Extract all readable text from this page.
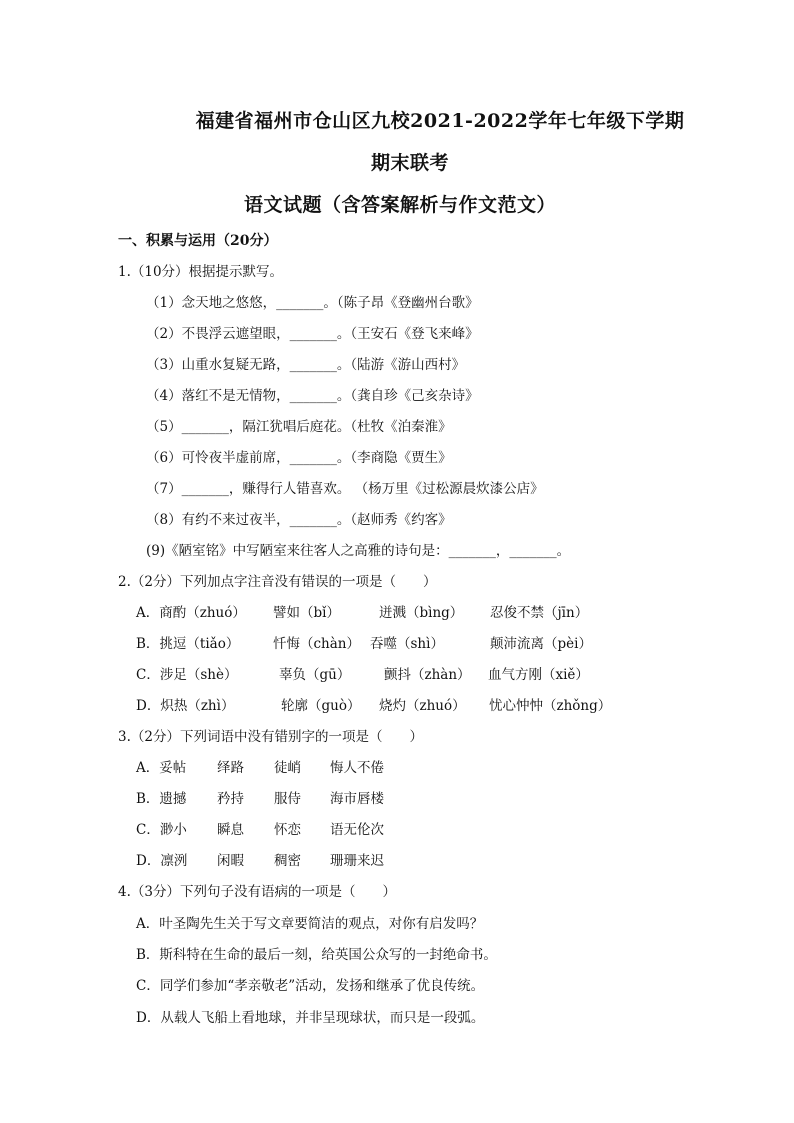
福建省福州市仓山区九校2021-2022学年七年级下学期
期末联考
语文试题（含答案解析与作文范文）
一、积累与运用（20分）
1.（10分）根据提示默写。
（1）念天地之悠悠，_______。（陈子昂《登幽州台歌》
（2）不畏浮云遮望眼，_______。（王安石《登飞来峰》
（3）山重水复疑无路，_______。（陆游《游山西村》
（4）落红不是无情物，_______。（龚自珍《己亥杂诗》
（5）_______，隔江犹唱后庭花。（杜牧《泊秦淮》
（6）可怜夜半虚前席，_______。（李商隐《贾生》
（7）_______，赚得行人错喜欢。 （杨万里《过松源晨炊漆公店》
（8）有约不来过夜半，_______。（赵师秀《约客》
(9)《陋室铭》中写陋室来往客人之高雅的诗句是：_______，_______。
2.（2分）下列加点字注音没有错误的一项是（　　）
A．商酌（zhuó） 譬如（bǐ）	迸溅（bìng） 忍俊不禁（jīn）
B．挑逗（tiǎo） 忏悔（chàn） 吞噬（shì）	颠沛流离（pèi）
C．涉足（shè）	辜负（gū） 颤抖（zhàn） 血气方刚（xiě）
D．炽热（zhì）	轮廓（guò） 烧灼（zhuó） 忧心忡忡（zhǒng）
3.（2分）下列词语中没有错别字的一项是（　　）
A．妥帖 绎路 徒峭 悔人不倦
B．遗撼 矜持 服侍 海市唇楼
C．渺小 瞬息 怀恋 语无伦次
D．凛洌 闲暇 稠密 珊珊来迟
4.（3分）下列句子没有语病的一项是（　　）
A．叶圣陶先生关于写文章要简洁的观点，对你有启发吗？
B．斯科特在生命的最后一刻，给英国公众写的一封绝命书。
C．同学们参加“孝亲敬老”活动，发扬和继承了优良传统。
D．从载人飞船上看地球，并非呈现球状，而只是一段弧。
